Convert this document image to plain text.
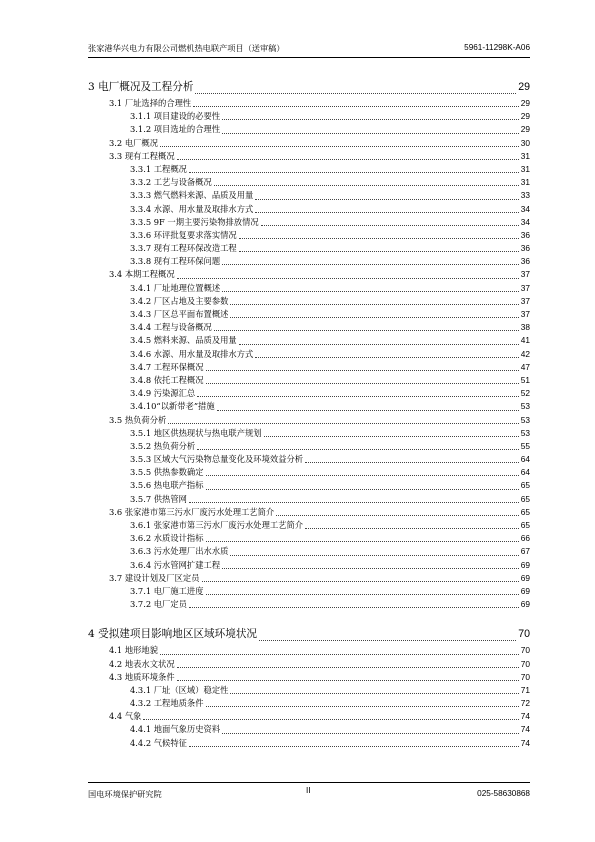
张家港华兴电力有限公司燃机热电联产项目（送审稿）	5961-11298K-A06
3 电厂概况及工程分析	29
3.1 厂址选择的合理性	29
3.1.1 项目建设的必要性	29
3.1.2 项目选址的合理性	29
3.2 电厂概况	30
3.3 现有工程概况	31
3.3.1 工程概况	31
3.3.2 工艺与设备概况	31
3.3.3 燃气燃料来源、品质及用量	33
3.3.4 水源、用水量及取排水方式	34
3.3.5 9F 一期主要污染物排放情况	34
3.3.6 环评批复要求落实情况	36
3.3.7 现有工程环保改造工程	36
3.3.8 现有工程环保问题	36
3.4 本期工程概况	37
3.4.1 厂址地理位置概述	37
3.4.2 厂区占地及主要参数	37
3.4.3 厂区总平面布置概述	37
3.4.4 工程与设备概况	38
3.4.5 燃料来源、品质及用量	41
3.4.6 水源、用水量及取排水方式	42
3.4.7 工程环保概况	47
3.4.8 依托工程概况	51
3.4.9 污染源汇总	52
3.4.10“以新带老”措施	53
3.5 热负荷分析	53
3.5.1 地区供热现状与热电联产规划	53
3.5.2 热负荷分析	55
3.5.3 区域大气污染物总量变化及环境效益分析	64
3.5.5 供热参数确定	64
3.5.6 热电联产指标	65
3.5.7 供热管网	65
3.6 张家港市第三污水厂废污水处理工艺简介	65
3.6.1 张家港市第三污水厂废污水处理工艺简介	65
3.6.2 水质设计指标	66
3.6.3 污水处理厂出水水质	67
3.6.4 污水管网扩建工程	69
3.7 建设计划及厂区定员	69
3.7.1 电厂施工进度	69
3.7.2 电厂定员	69
4 受拟建项目影响地区区域环境状况	70
4.1 地形地貌	70
4.2 地表水文状况	70
4.3 地质环境条件	70
4.3.1 厂址（区域）稳定性	71
4.3.2 工程地质条件	72
4.4 气象	74
4.4.1 地面气象历史资料	74
4.4.2 气候特征	74
国电环境保护研究院	II	025-58630868
